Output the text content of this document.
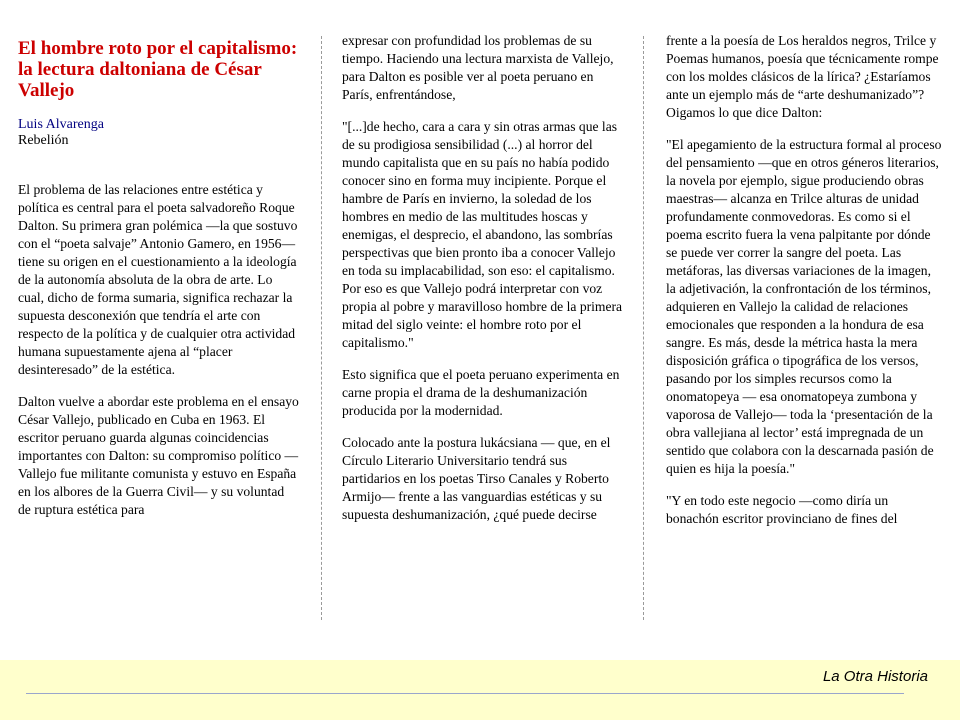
El hombre roto por el capitalismo: la lectura daltoniana de César Vallejo
Luis Alvarenga
Rebelión

El problema de las relaciones entre estética y política es central para el poeta salvadoreño Roque Dalton. Su primera gran polémica —la que sostuvo con el “poeta salvaje” Antonio Gamero, en 1956— tiene su origen en el cuestionamiento a la ideología de la autonomía absoluta de la obra de arte. Lo cual, dicho de forma sumaria, significa rechazar la supuesta desconexión que tendría el arte con respecto de la política y de cualquier otra actividad humana supuestamente ajena al “placer desinteresado” de la estética.

Dalton vuelve a abordar este problema en el ensayo César Vallejo, publicado en Cuba en 1963. El escritor peruano guarda algunas coincidencias importantes con Dalton: su compromiso político —Vallejo fue militante comunista y estuvo en España en los albores de la Guerra Civil— y su voluntad de ruptura estética para

expresar con profundidad los problemas de su tiempo. Haciendo una lectura marxista de Vallejo, para Dalton es posible ver al poeta peruano en París, enfrentándose,

"[...]de hecho, cara a cara y sin otras armas que las de su prodigiosa sensibilidad (...) al horror del mundo capitalista que en su país no había podido conocer sino en forma muy incipiente. Porque el hambre de París en invierno, la soledad de los hombres en medio de las multitudes hoscas y enemigas, el desprecio, el abandono, las sombrías perspectivas que bien pronto iba a conocer Vallejo en toda su implacabilidad, son eso: el capitalismo. Por eso es que Vallejo podrá interpretar con voz propia al pobre y maravilloso hombre de la primera mitad del siglo veinte: el hombre roto por el capitalismo."

Esto significa que el poeta peruano experimenta en carne propia el drama de la deshumanización producida por la modernidad.

Colocado ante la postura lukácsiana — que, en el Círculo Literario Universitario tendrá sus partidarios en los poetas Tirso Canales y Roberto Armijo— frente a las vanguardias estéticas y su supuesta deshumanización, ¿qué puede decirse

frente a la poesía de Los heraldos negros, Trilce y Poemas humanos, poesía que técnicamente rompe con los moldes clásicos de la lírica? ¿Estaríamos ante un ejemplo más de “arte deshumanizado”? Oigamos lo que dice Dalton:

"El apegamiento de la estructura formal al proceso del pensamiento —que en otros géneros literarios, la novela por ejemplo, sigue produciendo obras maestras— alcanza en Trilce alturas de unidad profundamente conmovedoras. Es como si el poema escrito fuera la vena palpitante por dónde se puede ver correr la sangre del poeta. Las metáforas, las diversas variaciones de la imagen, la adjetivación, la confrontación de los términos, adquieren en Vallejo la calidad de relaciones emocionales que responden a la hondura de esa sangre. Es más, desde la métrica hasta la mera disposición gráfica o tipográfica de los versos, pasando por los simples recursos como la onomatopeya — esa onomatopeya zumbona y vaporosa de Vallejo— toda la ‘presentación de la obra vallejiana al lector’ está impregnada de un sentido que colabora con la descarnada pasión de quien es hija la poesía."

"Y en todo este negocio —como diría un bonachón escritor provinciano de fines del

La Otra Historia
